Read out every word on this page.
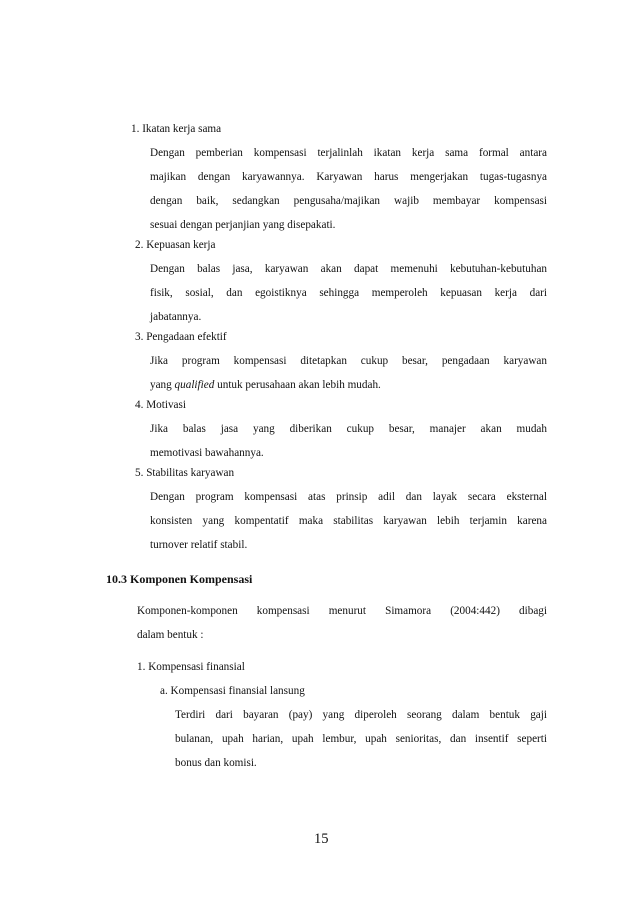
1. Ikatan kerja sama
Dengan pemberian kompensasi terjalinlah ikatan kerja sama formal antara
majikan dengan karyawannya. Karyawan harus mengerjakan tugas-tugasnya
dengan baik, sedangkan pengusaha/majikan wajib membayar kompensasi
sesuai dengan perjanjian yang disepakati.
2. Kepuasan kerja
Dengan balas jasa, karyawan akan dapat memenuhi kebutuhan-kebutuhan
fisik, sosial, dan egoistiknya sehingga memperoleh kepuasan kerja dari
jabatannya.
3. Pengadaan efektif
Jika program kompensasi ditetapkan cukup besar, pengadaan karyawan
yang qualified untuk perusahaan akan lebih mudah.
4. Motivasi
Jika balas jasa yang diberikan cukup besar, manajer akan mudah
memotivasi bawahannya.
5. Stabilitas karyawan
Dengan program kompensasi atas prinsip adil dan layak secara eksternal
konsisten yang kompentatif maka stabilitas karyawan lebih terjamin karena
turnover relatif stabil.
10.3 Komponen Kompensasi
Komponen-komponen kompensasi menurut Simamora (2004:442) dibagi
dalam bentuk :
1. Kompensasi finansial
a. Kompensasi finansial lansung
Terdiri dari bayaran (pay) yang diperoleh seorang dalam bentuk gaji
bulanan, upah harian, upah lembur, upah senioritas, dan insentif seperti
bonus dan komisi.
15
